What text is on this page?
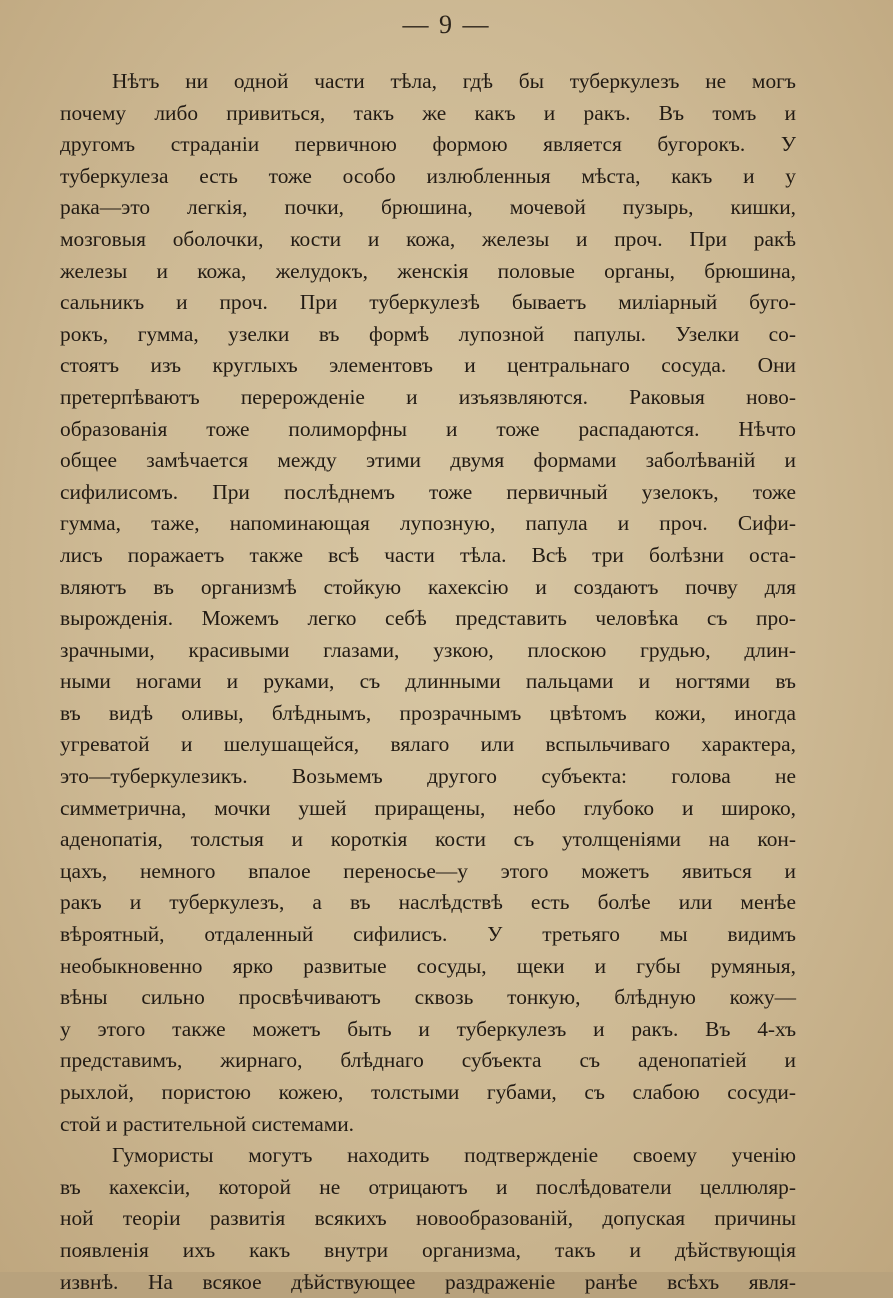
— 9 —
Нѣтъ ни одной части тѣла, гдѣ бы туберкулезъ не могъ
почему либо привиться, такъ же какъ и ракъ. Въ томъ и
другомъ страданiи первичною формою является бугорокъ. У
туберкулеза есть тоже особо излюбленныя мѣста, какъ и у
рака—это легкiя, почки, брюшина, мочевой пузырь, кишки,
мозговыя оболочки, кости и кожа, железы и проч. При ракѣ
железы и кожа, желудокъ, женскiя половые органы, брюшина,
сальникъ и проч. При туберкулезѣ бываетъ милiарный буго-
рокъ, гумма, узелки въ формѣ лупозной папулы. Узелки со-
стоятъ изъ круглыхъ элементовъ и центральнаго сосуда. Они
претерпѣваютъ перерожденiе и изъязвляются. Раковыя ново-
образованiя тоже полиморфны и тоже распадаются. Нѣчто
общее замѣчается между этими двумя формами заболѣванiй и
сифилисомъ. При послѣднемъ тоже первичный узелокъ, тоже
гумма, таже, напоминающая лупозную, папула и проч. Сифи-
лисъ поражаетъ также всѣ части тѣла. Всѣ три болѣзни оста-
вляютъ въ организмѣ стойкую кахексiю и создаютъ почву для
вырожденiя. Можемъ легко себѣ представить человѣка съ про-
зрачными, красивыми глазами, узкою, плоскою грудью, длин-
ными ногами и руками, съ длинными пальцами и ногтями въ
въ видѣ оливы, блѣднымъ, прозрачнымъ цвѣтомъ кожи, иногда
угреватой и шелушащейся, вялаго или вспыльчиваго характера,
это—туберкулезикъ. Возьмемъ другого субъекта: голова не
симметрична, мочки ушей приращены, небо глубоко и широко,
аденопатiя, толстыя и короткiя кости съ утолщенiями на кон-
цахъ, немного впалое переносье—у этого можетъ явиться и
ракъ и туберкулезъ, а въ наслѣдствѣ есть болѣе или менѣе
вѣроятный, отдаленный сифилисъ. У третьяго мы видимъ
необыкновенно ярко развитые сосуды, щеки и губы румяныя,
вѣны сильно просвѣчиваютъ сквозь тонкую, блѣдную кожу—
у этого также можетъ быть и туберкулезъ и ракъ. Въ 4-хъ
представимъ, жирнаго, блѣднаго субъекта съ аденопатiей и
рыхлой, пористою кожею, толстыми губами, съ слабою сосуди-
стой и растительной системами.
Гумористы могутъ находить подтвержденiе своему ученiю
въ кахексiи, которой не отрицаютъ и послѣдователи целлюляр-
ной теорiи развитiя всякихъ новообразованiй, допуская причины
появленiя ихъ какъ внутри организма, такъ и дѣйствующiя
извнѣ. На всякое дѣйствующее раздраженiе ранѣе всѣхъ явля-
